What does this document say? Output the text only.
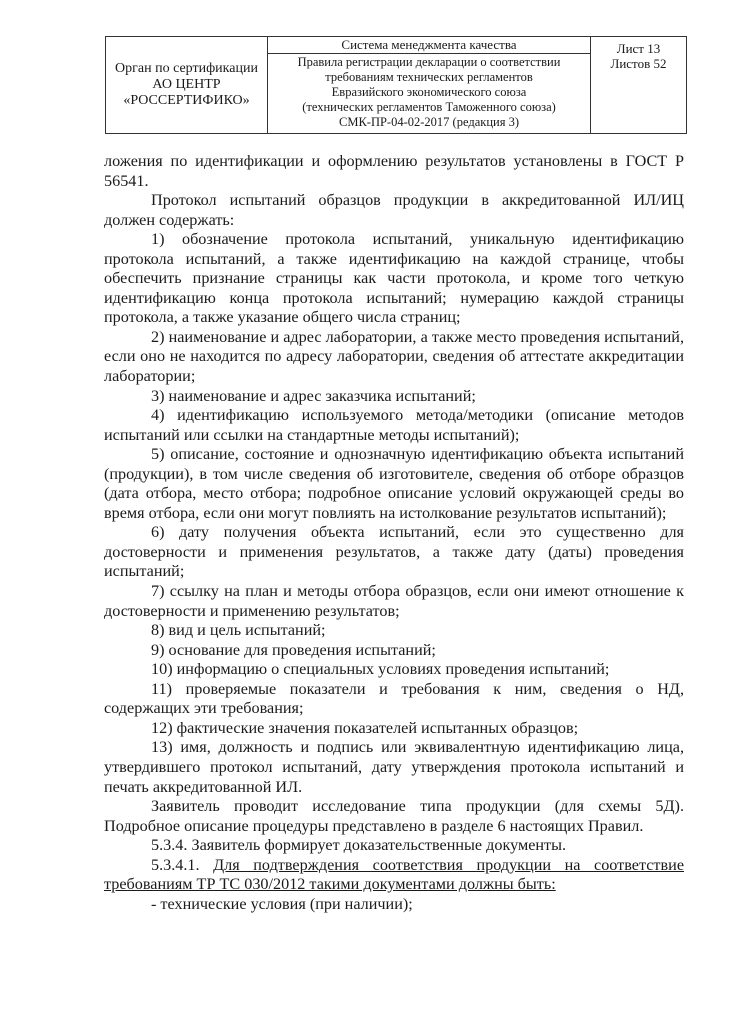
Орган по сертификации
АО ЦЕНТР
«РОССЕРТИФИКО»

Система менеджмента качества
Правила регистрации декларации о соответствии
требованиям технических регламентов
Евразийского экономического союза
(технических регламентов Таможенного союза)
СМК-ПР-04-02-2017 (редакция 3)

Лист 13
Листов 52

ложения по идентификации и оформлению результатов установлены в ГОСТ Р 56541.

Протокол испытаний образцов продукции в аккредитованной ИЛ/ИЦ должен содержать:

1) обозначение протокола испытаний, уникальную идентификацию протокола испытаний, а также идентификацию на каждой странице, чтобы обеспечить признание страницы как части протокола, и кроме того четкую идентификацию конца протокола испытаний; нумерацию каждой страницы протокола, а также указание общего числа страниц;

2) наименование и адрес лаборатории, а также место проведения испытаний, если оно не находится по адресу лаборатории, сведения об аттестате аккредитации лаборатории;

3) наименование и адрес заказчика испытаний;

4) идентификацию используемого метода/методики (описание методов испытаний или ссылки на стандартные методы испытаний);

5) описание, состояние и однозначную идентификацию объекта испытаний (продукции), в том числе сведения об изготовителе, сведения об отборе образцов (дата отбора, место отбора; подробное описание условий окружающей среды во время отбора, если они могут повлиять на истолкование результатов испытаний);

6) дату получения объекта испытаний, если это существенно для достоверности и применения результатов, а также дату (даты) проведения испытаний;

7) ссылку на план и методы отбора образцов, если они имеют отношение к достоверности и применению результатов;

8) вид и цель испытаний;

9) основание для проведения испытаний;

10) информацию о специальных условиях проведения испытаний;

11) проверяемые показатели и требования к ним, сведения о НД, содержащих эти требования;

12) фактические значения показателей испытанных образцов;

13) имя, должность и подпись или эквивалентную идентификацию лица, утвердившего протокол испытаний, дату утверждения протокола испытаний и печать аккредитованной ИЛ.

Заявитель проводит исследование типа продукции (для схемы 5Д). Подробное описание процедуры представлено в разделе 6 настоящих Правил.

5.3.4. Заявитель формирует доказательственные документы.

5.3.4.1. Для подтверждения соответствия продукции на соответствие требованиям ТР ТС 030/2012 такими документами должны быть:

- технические условия (при наличии);
